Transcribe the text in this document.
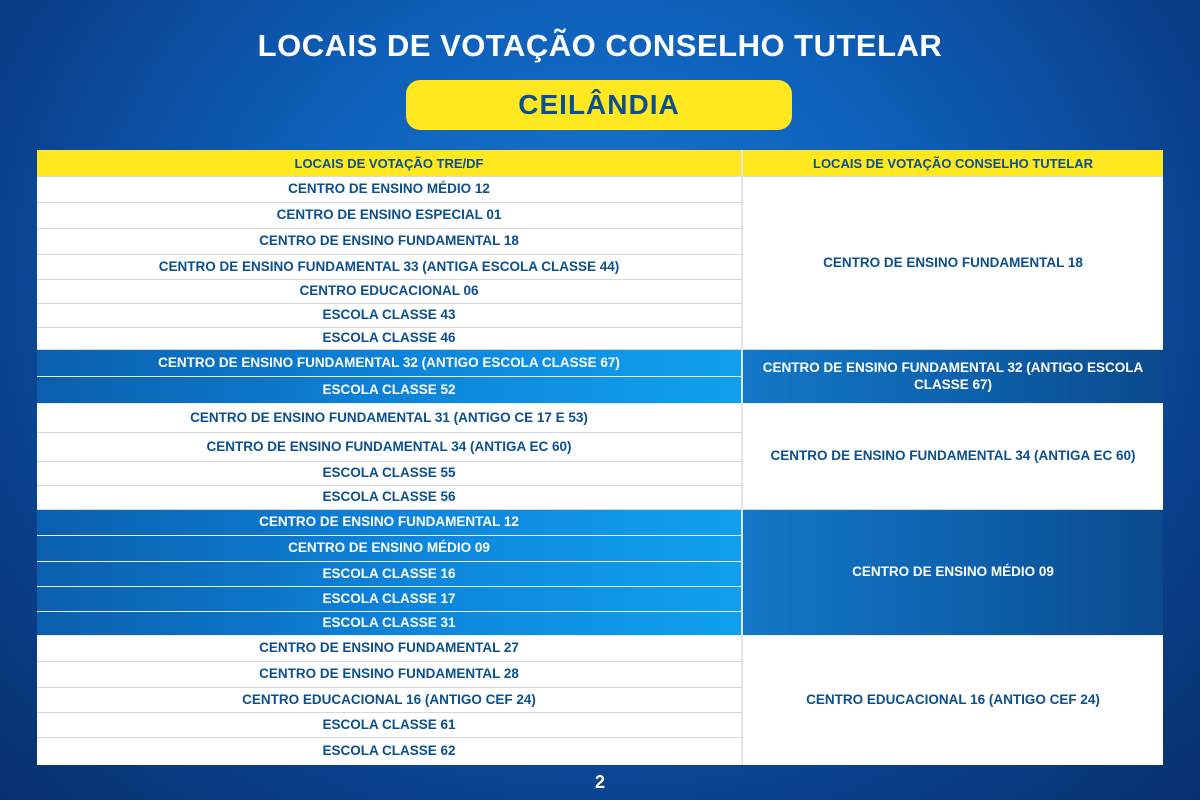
LOCAIS DE VOTAÇÃO CONSELHO TUTELAR
CEILÂNDIA
LOCAIS DE VOTAÇÃO TRE/DF	LOCAIS DE VOTAÇÃO CONSELHO TUTELAR
CENTRO DE ENSINO MÉDIO 12
CENTRO DE ENSINO ESPECIAL 01
CENTRO DE ENSINO FUNDAMENTAL 18
CENTRO DE ENSINO FUNDAMENTAL 33 (ANTIGA ESCOLA CLASSE 44)
CENTRO EDUCACIONAL 06
ESCOLA CLASSE 43
ESCOLA CLASSE 46
CENTRO DE ENSINO FUNDAMENTAL 18
CENTRO DE ENSINO FUNDAMENTAL 32 (ANTIGO ESCOLA CLASSE 67)
ESCOLA CLASSE 52
CENTRO DE ENSINO FUNDAMENTAL 32 (ANTIGO ESCOLA CLASSE 67)
CENTRO DE ENSINO FUNDAMENTAL 31 (ANTIGO CE 17 E 53)
CENTRO DE ENSINO FUNDAMENTAL 34 (ANTIGA EC 60)
ESCOLA CLASSE 55
ESCOLA CLASSE 56
CENTRO DE ENSINO FUNDAMENTAL 34 (ANTIGA EC 60)
CENTRO DE ENSINO FUNDAMENTAL 12
CENTRO DE ENSINO MÉDIO 09
ESCOLA CLASSE 16
ESCOLA CLASSE 17
ESCOLA CLASSE 31
CENTRO DE ENSINO MÉDIO 09
CENTRO DE ENSINO FUNDAMENTAL 27
CENTRO DE ENSINO FUNDAMENTAL 28
CENTRO EDUCACIONAL 16 (ANTIGO CEF 24)
ESCOLA CLASSE 61
ESCOLA CLASSE 62
CENTRO EDUCACIONAL 16 (ANTIGO CEF 24)
2
